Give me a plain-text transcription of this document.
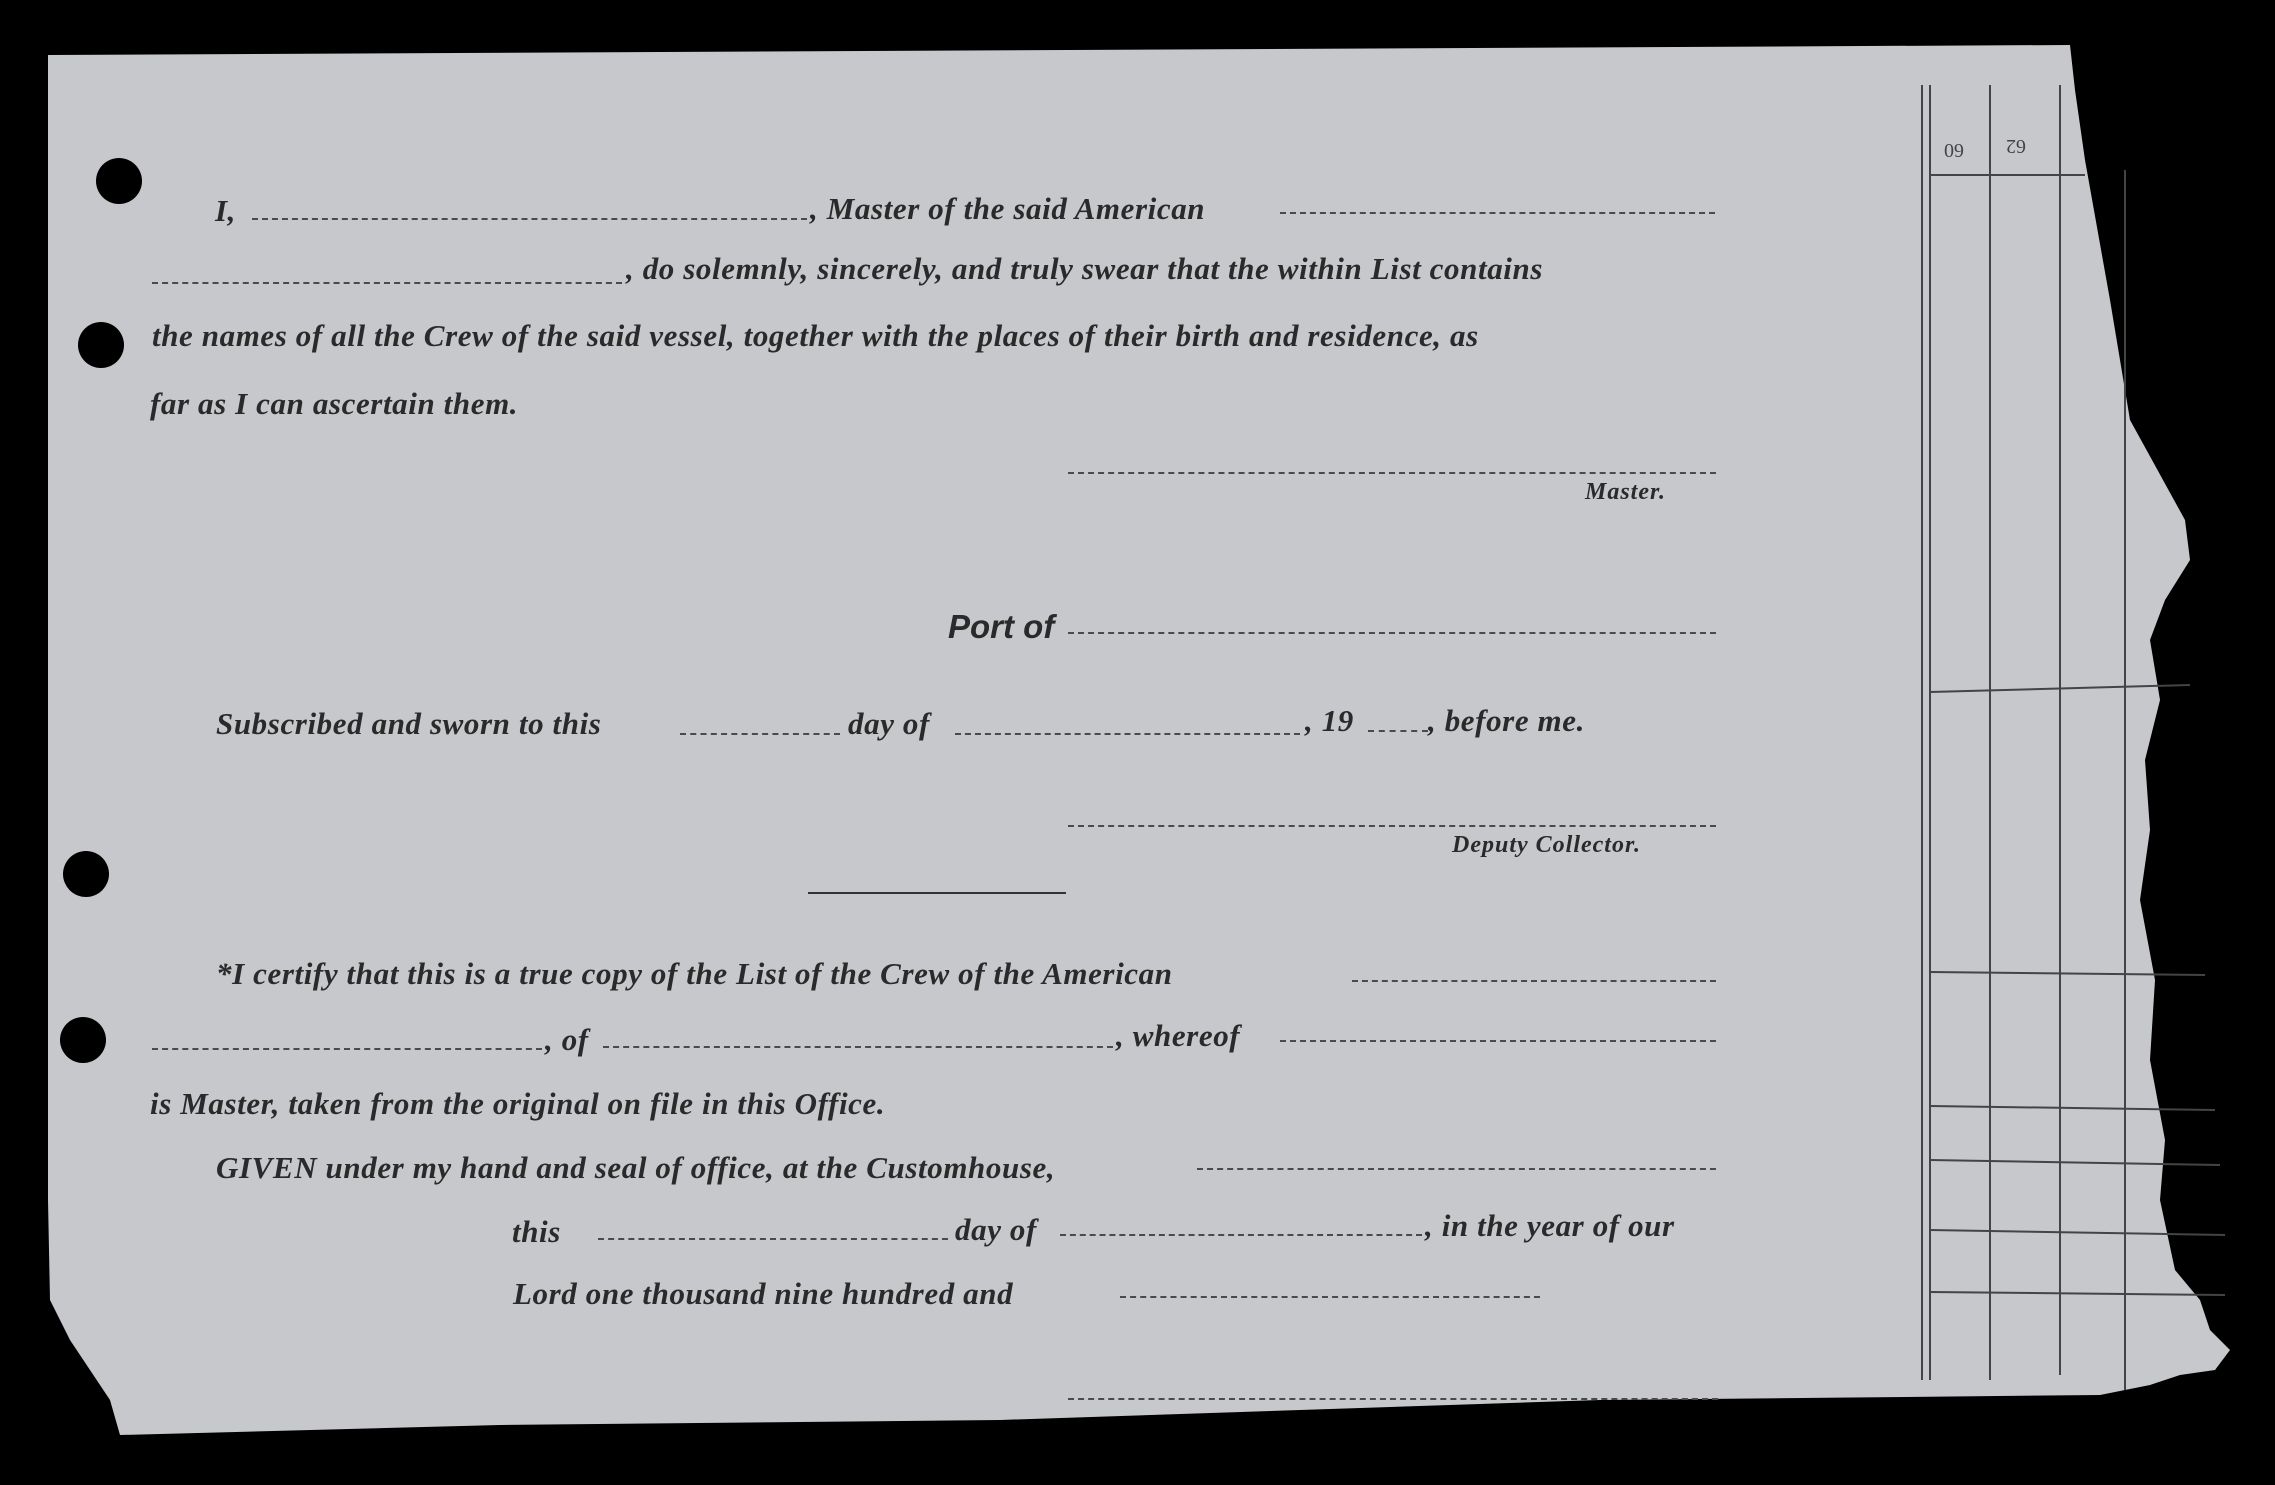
60 62
I,	, Master of the said American
, do solemnly, sincerely, and truly swear that the within List contains
the names of all the Crew of the said vessel, together with the places of their birth and residence, as
far as I can ascertain them.
Master.
Port of
Subscribed and sworn to this	day of	, 19 , before me.
Deputy Collector.
*I certify that this is a true copy of the List of the Crew of the American
, of	, whereof
is Master, taken from the original on file in this Office.
GIVEN under my hand and seal of office, at the Customhouse,
this	day of	, in the year of our
Lord one thousand nine hundred and
